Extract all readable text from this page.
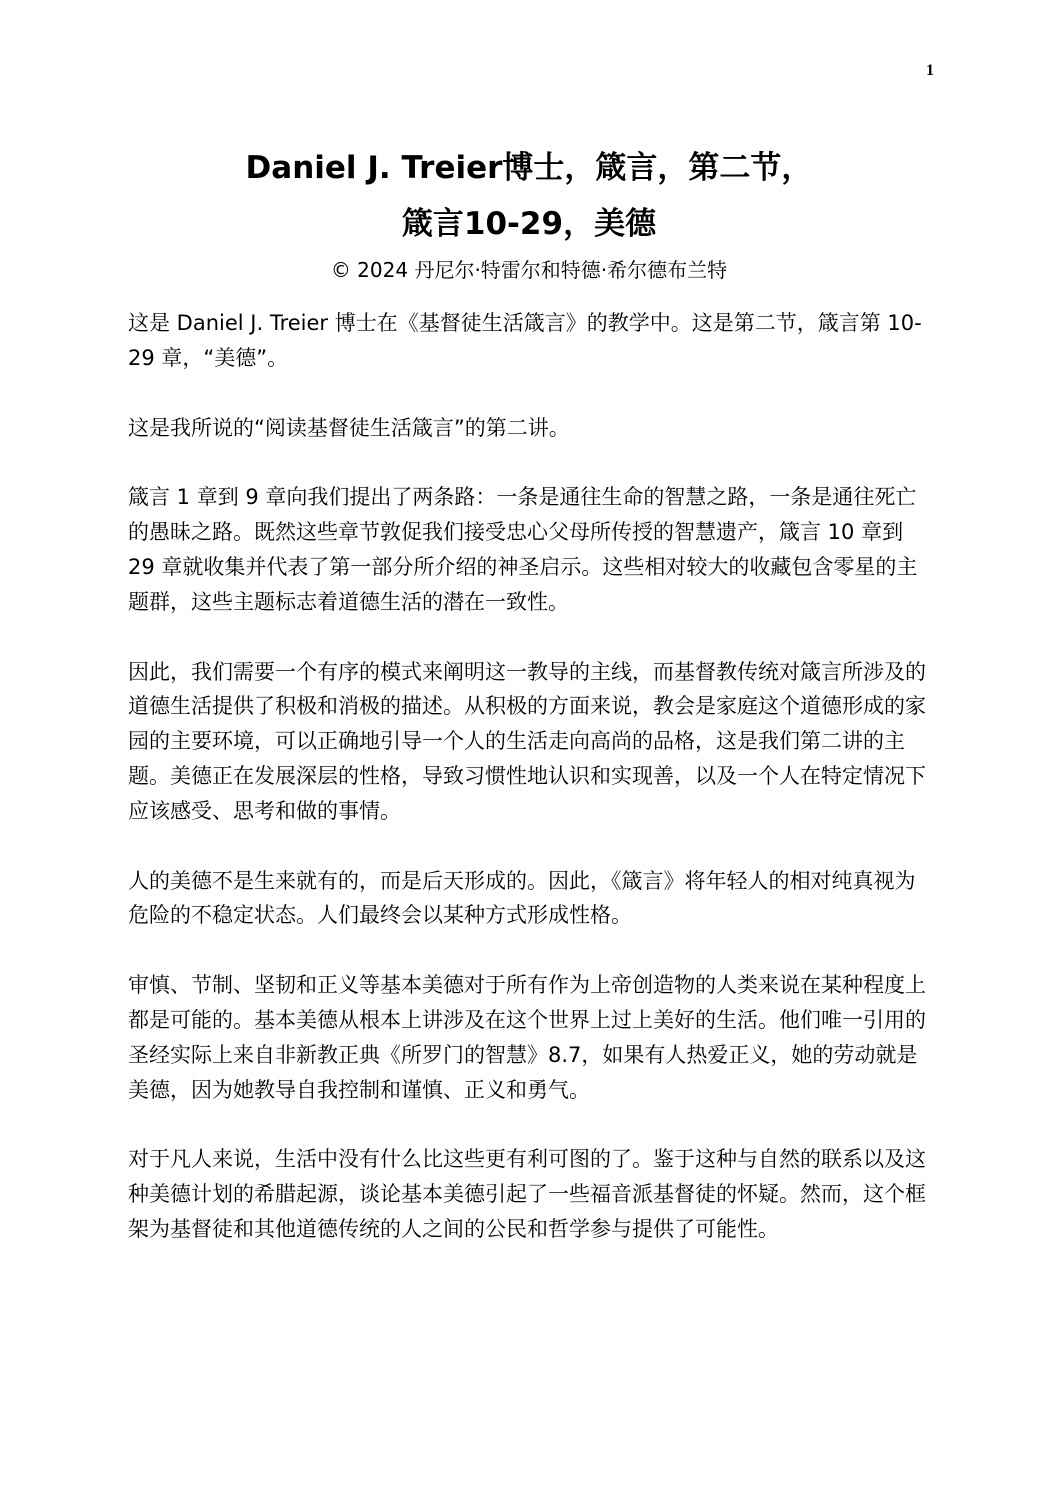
1
Daniel J. Treier博士，箴言，第二节，
箴言10-29，美德
© 2024 丹尼尔·特雷尔和特德·希尔德布兰特

这是 Daniel J. Treier 博士在《基督徒生活箴言》的教学中。这是第二节，箴言第 10-29 章，“美德”。

这是我所说的“阅读基督徒生活箴言”的第二讲。

箴言 1 章到 9 章向我们提出了两条路：一条是通往生命的智慧之路，一条是通往死亡的愚昧之路。既然这些章节敦促我们接受忠心父母所传授的智慧遗产，箴言 10 章到 29 章就收集并代表了第一部分所介绍的神圣启示。这些相对较大的收藏包含零星的主题群，这些主题标志着道德生活的潜在一致性。

因此，我们需要一个有序的模式来阐明这一教导的主线，而基督教传统对箴言所涉及的道德生活提供了积极和消极的描述。从积极的方面来说，教会是家庭这个道德形成的家园的主要环境，可以正确地引导一个人的生活走向高尚的品格，这是我们第二讲的主题。美德正在发展深层的性格，导致习惯性地认识和实现善，以及一个人在特定情况下应该感受、思考和做的事情。

人的美德不是生来就有的，而是后天形成的。因此，《箴言》将年轻人的相对纯真视为危险的不稳定状态。人们最终会以某种方式形成性格。

审慎、节制、坚韧和正义等基本美德对于所有作为上帝创造物的人类来说在某种程度上都是可能的。基本美德从根本上讲涉及在这个世界上过上美好的生活。他们唯一引用的圣经实际上来自非新教正典《所罗门的智慧》8.7，如果有人热爱正义，她的劳动就是美德，因为她教导自我控制和谨慎、正义和勇气。

对于凡人来说，生活中没有什么比这些更有利可图的了。鉴于这种与自然的联系以及这种美德计划的希腊起源，谈论基本美德引起了一些福音派基督徒的怀疑。然而，这个框架为基督徒和其他道德传统的人之间的公民和哲学参与提供了可能性。
